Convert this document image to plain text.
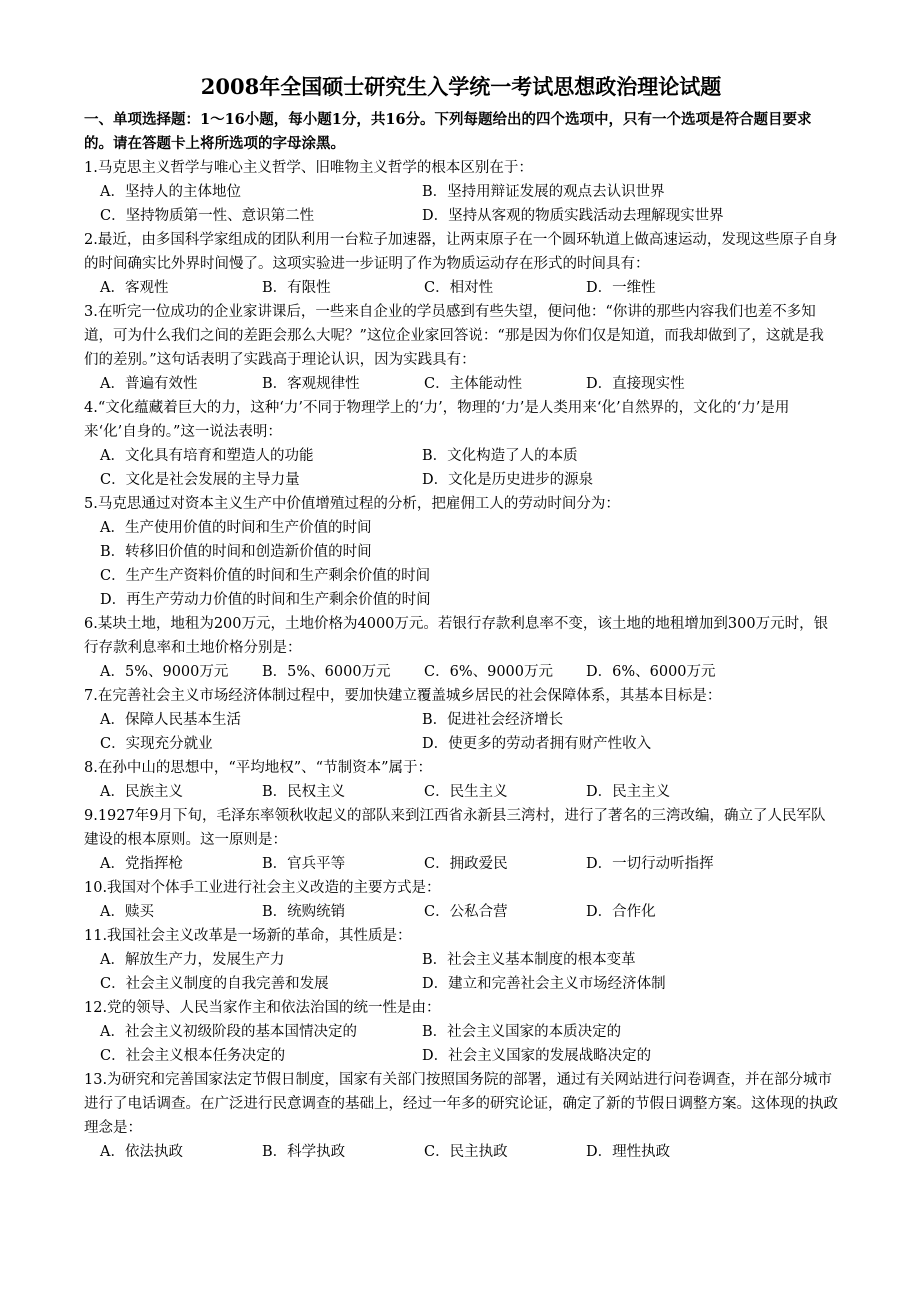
2008年全国硕士研究生入学统一考试思想政治理论试题

一、单项选择题：1～16小题，每小题1分，共16分。下列每题给出的四个选项中，只有一个选项是符合题目要求的。请在答题卡上将所选项的字母涂黑。

1.马克思主义哲学与唯心主义哲学、旧唯物主义哲学的根本区别在于：
A．坚持人的主体地位	B．坚持用辩证发展的观点去认识世界
C．坚持物质第一性、意识第二性	D．坚持从客观的物质实践活动去理解现实世界
2.最近，由多国科学家组成的团队利用一台粒子加速器，让两束原子在一个圆环轨道上做高速运动，发现这些原子自身的时间确实比外界时间慢了。这项实验进一步证明了作为物质运动存在形式的时间具有：
A．客观性	B．有限性	C．相对性	D．一维性
3.在听完一位成功的企业家讲课后，一些来自企业的学员感到有些失望，便问他：“你讲的那些内容我们也差不多知道，可为什么我们之间的差距会那么大呢？”这位企业家回答说：“那是因为你们仅是知道，而我却做到了，这就是我们的差别。”这句话表明了实践高于理论认识，因为实践具有：
A．普遍有效性	B．客观规律性	C．主体能动性	D．直接现实性
4.“文化蕴藏着巨大的力，这种‘力’不同于物理学上的‘力’，物理的‘力’是人类用来‘化’自然界的，文化的‘力’是用来‘化’自身的。”这一说法表明：
A．文化具有培育和塑造人的功能	B．文化构造了人的本质
C．文化是社会发展的主导力量	D．文化是历史进步的源泉
5.马克思通过对资本主义生产中价值增殖过程的分析，把雇佣工人的劳动时间分为：
A．生产使用价值的时间和生产价值的时间
B．转移旧价值的时间和创造新价值的时间
C．生产生产资料价值的时间和生产剩余价值的时间
D．再生产劳动力价值的时间和生产剩余价值的时间
6.某块土地，地租为200万元，土地价格为4000万元。若银行存款利息率不变，该土地的地租增加到300万元时，银行存款利息率和土地价格分别是：
A．5%、9000万元	B．5%、6000万元	C．6%、9000万元	D．6%、6000万元
7.在完善社会主义市场经济体制过程中，要加快建立覆盖城乡居民的社会保障体系，其基本目标是：
A．保障人民基本生活	B．促进社会经济增长
C．实现充分就业	D．使更多的劳动者拥有财产性收入
8.在孙中山的思想中，“平均地权”、“节制资本”属于：
A．民族主义	B．民权主义	C．民生主义	D．民主主义
9.1927年9月下旬，毛泽东率领秋收起义的部队来到江西省永新县三湾村，进行了著名的三湾改编，确立了人民军队建设的根本原则。这一原则是：
A．党指挥枪	B．官兵平等	C．拥政爱民	D．一切行动听指挥
10.我国对个体手工业进行社会主义改造的主要方式是：
A．赎买	B．统购统销	C．公私合营	D．合作化
11.我国社会主义改革是一场新的革命，其性质是：
A．解放生产力，发展生产力	B．社会主义基本制度的根本变革
C．社会主义制度的自我完善和发展	D．建立和完善社会主义市场经济体制
12.党的领导、人民当家作主和依法治国的统一性是由：
A．社会主义初级阶段的基本国情决定的	B．社会主义国家的本质决定的
C．社会主义根本任务决定的	D．社会主义国家的发展战略决定的
13.为研究和完善国家法定节假日制度，国家有关部门按照国务院的部署，通过有关网站进行问卷调查，并在部分城市进行了电话调查。在广泛进行民意调查的基础上，经过一年多的研究论证，确定了新的节假日调整方案。这体现的执政理念是：
A．依法执政	B．科学执政	C．民主执政	D．理性执政
